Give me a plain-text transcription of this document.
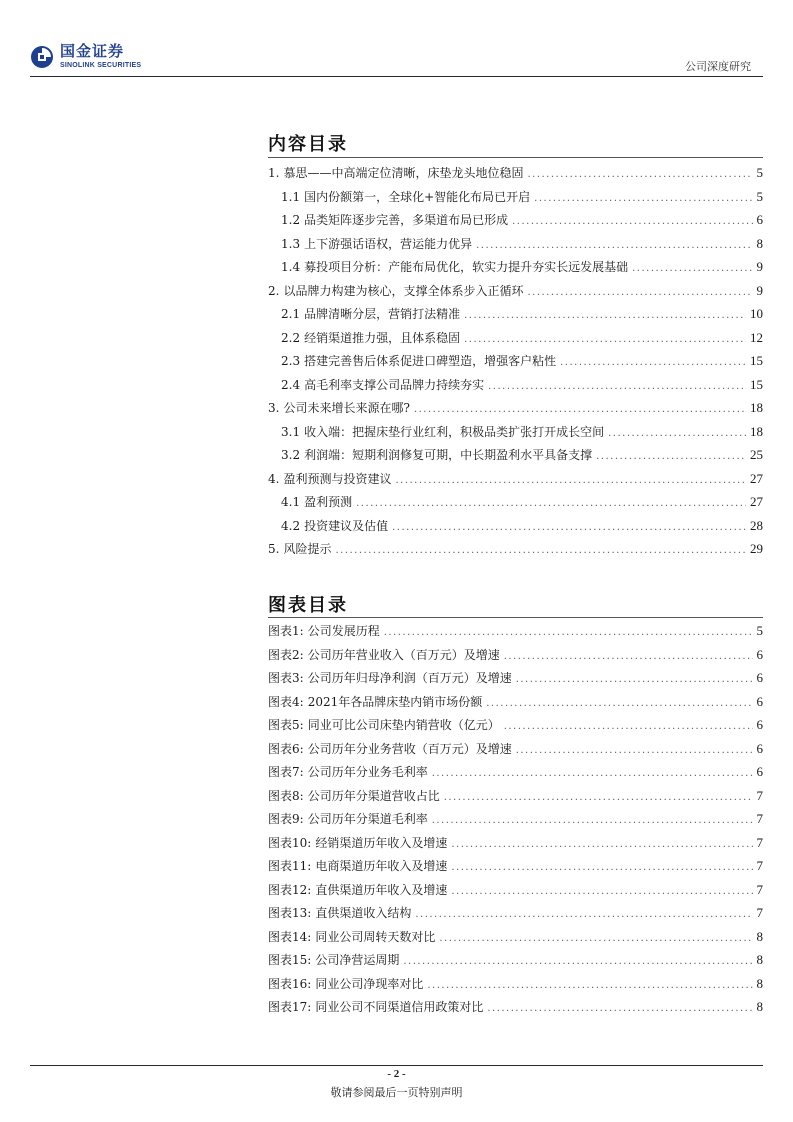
国金证券
SINOLINK SECURITIES	公司深度研究
内容目录
1. 慕思——中高端定位清晰，床垫龙头地位稳固 .....	5
1.1 国内份额第一，全球化+智能化布局已开启 .....	5
1.2 品类矩阵逐步完善，多渠道布局已形成 .....	6
1.3 上下游强话语权，营运能力优异 .....	8
1.4 募投项目分析：产能布局优化，软实力提升夯实长远发展基础 .....	9
2. 以品牌力构建为核心，支撑全体系步入正循环 .....	9
2.1 品牌清晰分层，营销打法精准 .....	10
2.2 经销渠道推力强，且体系稳固 .....	12
2.3 搭建完善售后体系促进口碑塑造，增强客户粘性 .....	15
2.4 高毛利率支撑公司品牌力持续夯实 .....	15
3. 公司未来增长来源在哪? .....	18
3.1 收入端：把握床垫行业红利，积极品类扩张打开成长空间 .....	18
3.2 利润端：短期利润修复可期，中长期盈利水平具备支撑 .....	25
4. 盈利预测与投资建议 .....	27
4.1 盈利预测 .....	27
4.2 投资建议及估值 .....	28
5. 风险提示 .....	29
图表目录
图表1: 公司发展历程 .....	5
图表2: 公司历年营业收入（百万元）及增速 .....	6
图表3: 公司历年归母净利润（百万元）及增速 .....	6
图表4: 2021年各品牌床垫内销市场份额 .....	6
图表5: 同业可比公司床垫内销营收（亿元） .....	6
图表6: 公司历年分业务营收（百万元）及增速 .....	6
图表7: 公司历年分业务毛利率 .....	6
图表8: 公司历年分渠道营收占比 .....	7
图表9: 公司历年分渠道毛利率 .....	7
图表10: 经销渠道历年收入及增速 .....	7
图表11: 电商渠道历年收入及增速 .....	7
图表12: 直供渠道历年收入及增速 .....	7
图表13: 直供渠道收入结构 .....	7
图表14: 同业公司周转天数对比 .....	8
图表15: 公司净营运周期 .....	8
图表16: 同业公司净现率对比 .....	8
图表17: 同业公司不同渠道信用政策对比 .....	8
- 2 -
敬请参阅最后一页特别声明
